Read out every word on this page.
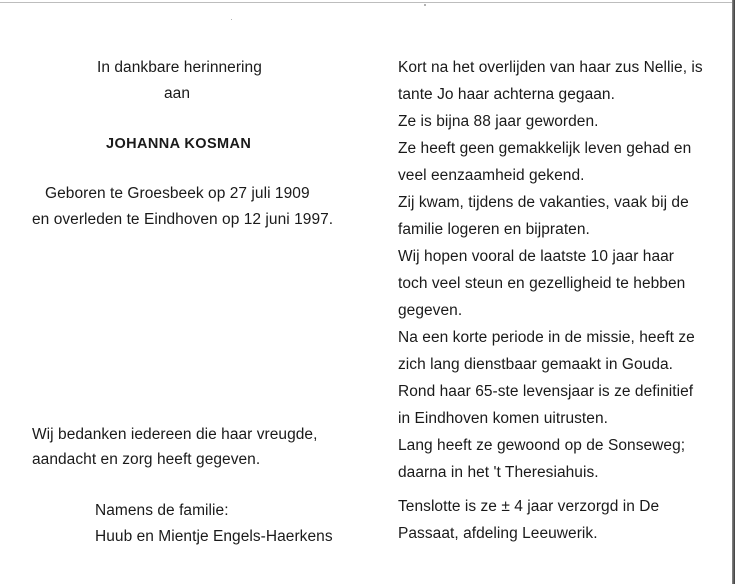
In dankbare herinnering
aan
JOHANNA KOSMAN
Geboren te Groesbeek op 27 juli 1909
en overleden te Eindhoven op 12 juni 1997.
Wij bedanken iedereen die haar vreugde,
aandacht en zorg heeft gegeven.
Namens de familie:
Huub en Mientje Engels-Haerkens
Kort na het overlijden van haar zus Nellie, is
tante Jo haar achterna gegaan.
Ze is bijna 88 jaar geworden.
Ze heeft geen gemakkelijk leven gehad en
veel eenzaamheid gekend.
Zij kwam, tijdens de vakanties, vaak bij de
familie logeren en bijpraten.
Wij hopen vooral de laatste 10 jaar haar
toch veel steun en gezelligheid te hebben
gegeven.
Na een korte periode in de missie, heeft ze
zich lang dienstbaar gemaakt in Gouda.
Rond haar 65-ste levensjaar is ze definitief
in Eindhoven komen uitrusten.
Lang heeft ze gewoond op de Sonseweg;
daarna in het 't Theresiahuis.
Tenslotte is ze ± 4 jaar verzorgd in De
Passaat, afdeling Leeuwerik.
